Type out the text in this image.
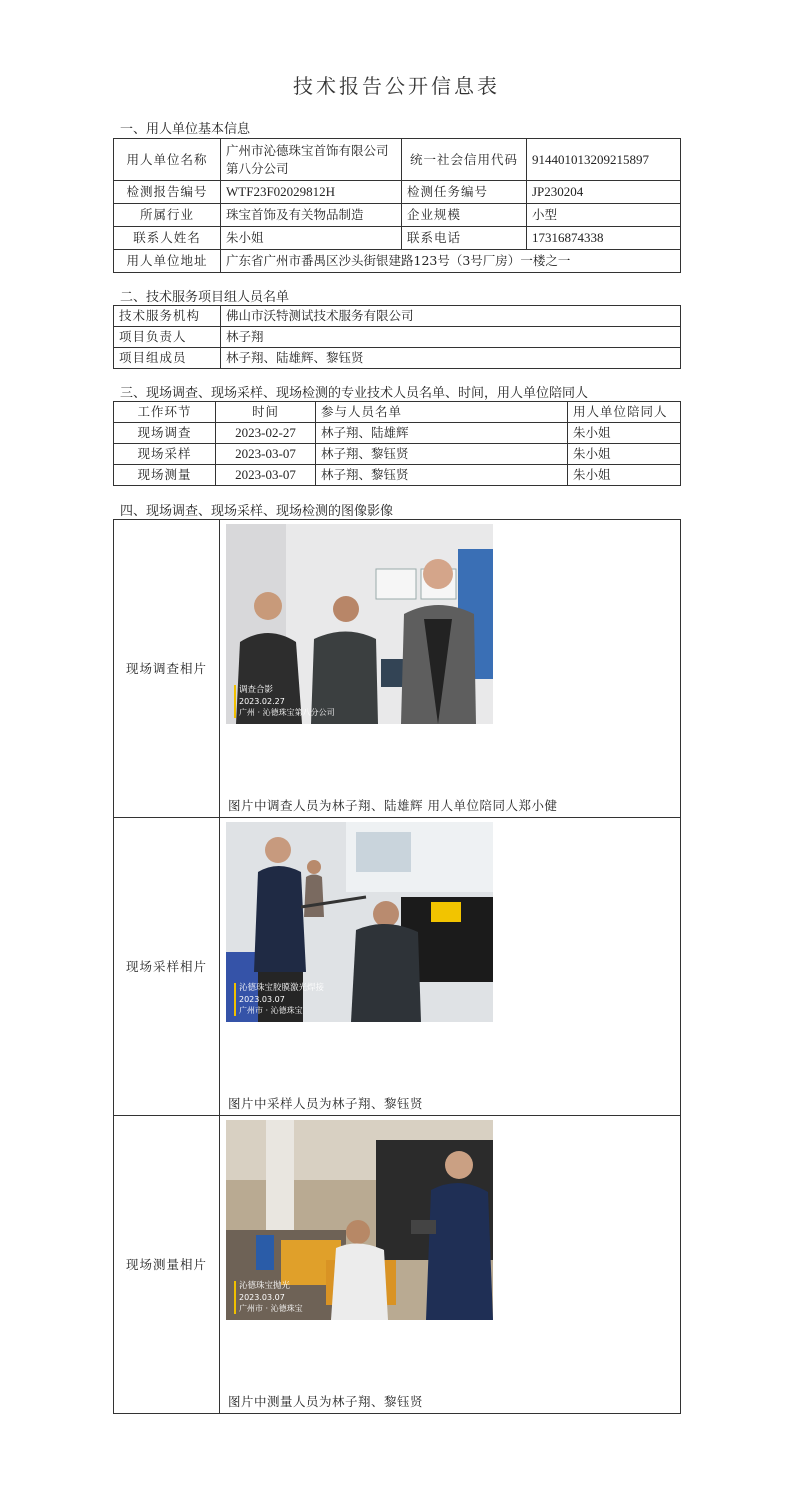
技术报告公开信息表
一、用人单位基本信息
用人单位名称	广州市沁德珠宝首饰有限公司第八分公司	统一社会信用代码	914401013209215897
检测报告编号	WTF23F02029812H	检测任务编号	JP230204
所属行业	珠宝首饰及有关物品制造	企业规模	小型
联系人姓名	朱小姐	联系电话	17316874338
用人单位地址	广东省广州市番禺区沙头街银建路123号（3号厂房）一楼之一		
二、技术服务项目组人员名单
技术服务机构	佛山市沃特测试技术服务有限公司
项目负责人	林子翔
项目组成员	林子翔、陆雄辉、黎钰贤
三、现场调查、现场采样、现场检测的专业技术人员名单、时间，用人单位陪同人
工作环节	时间	参与人员名单	用人单位陪同人
现场调查	2023-02-27	林子翔、陆雄辉	朱小姐
现场采样	2023-03-07	林子翔、黎钰贤	朱小姐
现场测量	2023-03-07	林子翔、黎钰贤	朱小姐
四、现场调查、现场采样、现场检测的图像影像
现场调查相片	调查合影
2023.02.27
广州 · 沁德珠宝第八分公司
图片中调查人员为林子翔、陆雄辉 用人单位陪同人郑小健

现场采样相片	沁德珠宝胶膜激光焊接
2023.03.07
广州市 · 沁德珠宝
图片中采样人员为林子翔、黎钰贤

现场测量相片	沁德珠宝抛光
2023.03.07
广州市 · 沁德珠宝
图片中测量人员为林子翔、黎钰贤
